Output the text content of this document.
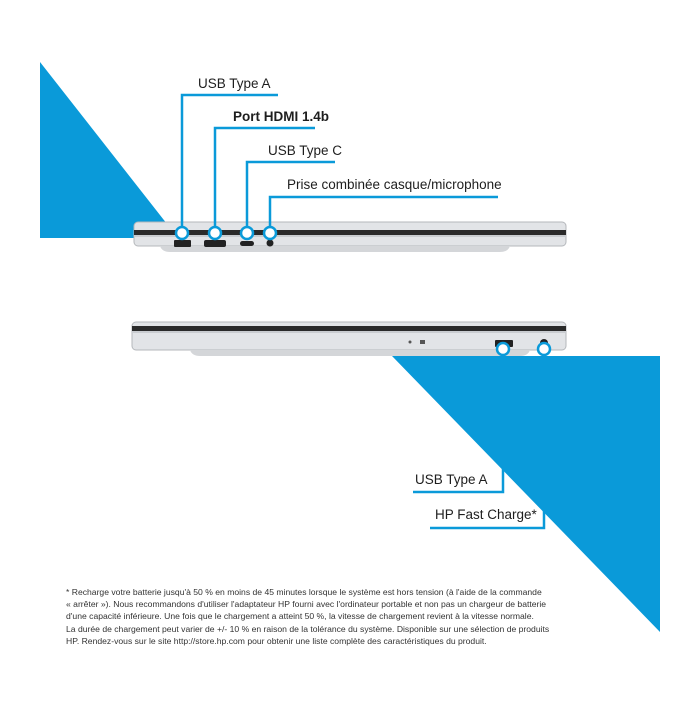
USB Type A
Port HDMI 1.4b
USB Type C
Prise combinée casque/microphone
USB Type A
HP Fast Charge*
* Recharge votre batterie jusqu'à 50 % en moins de 45 minutes lorsque le système est hors tension (à l'aide de la commande
« arrêter »). Nous recommandons d'utiliser l'adaptateur HP fourni avec l'ordinateur portable et non pas un chargeur de batterie
d'une capacité inférieure. Une fois que le chargement a atteint 50 %, la vitesse de chargement revient à la vitesse normale.
La durée de chargement peut varier de +/- 10 % en raison de la tolérance du système. Disponible sur une sélection de produits
HP. Rendez-vous sur le site http://store.hp.com pour obtenir une liste complète des caractéristiques du produit.
